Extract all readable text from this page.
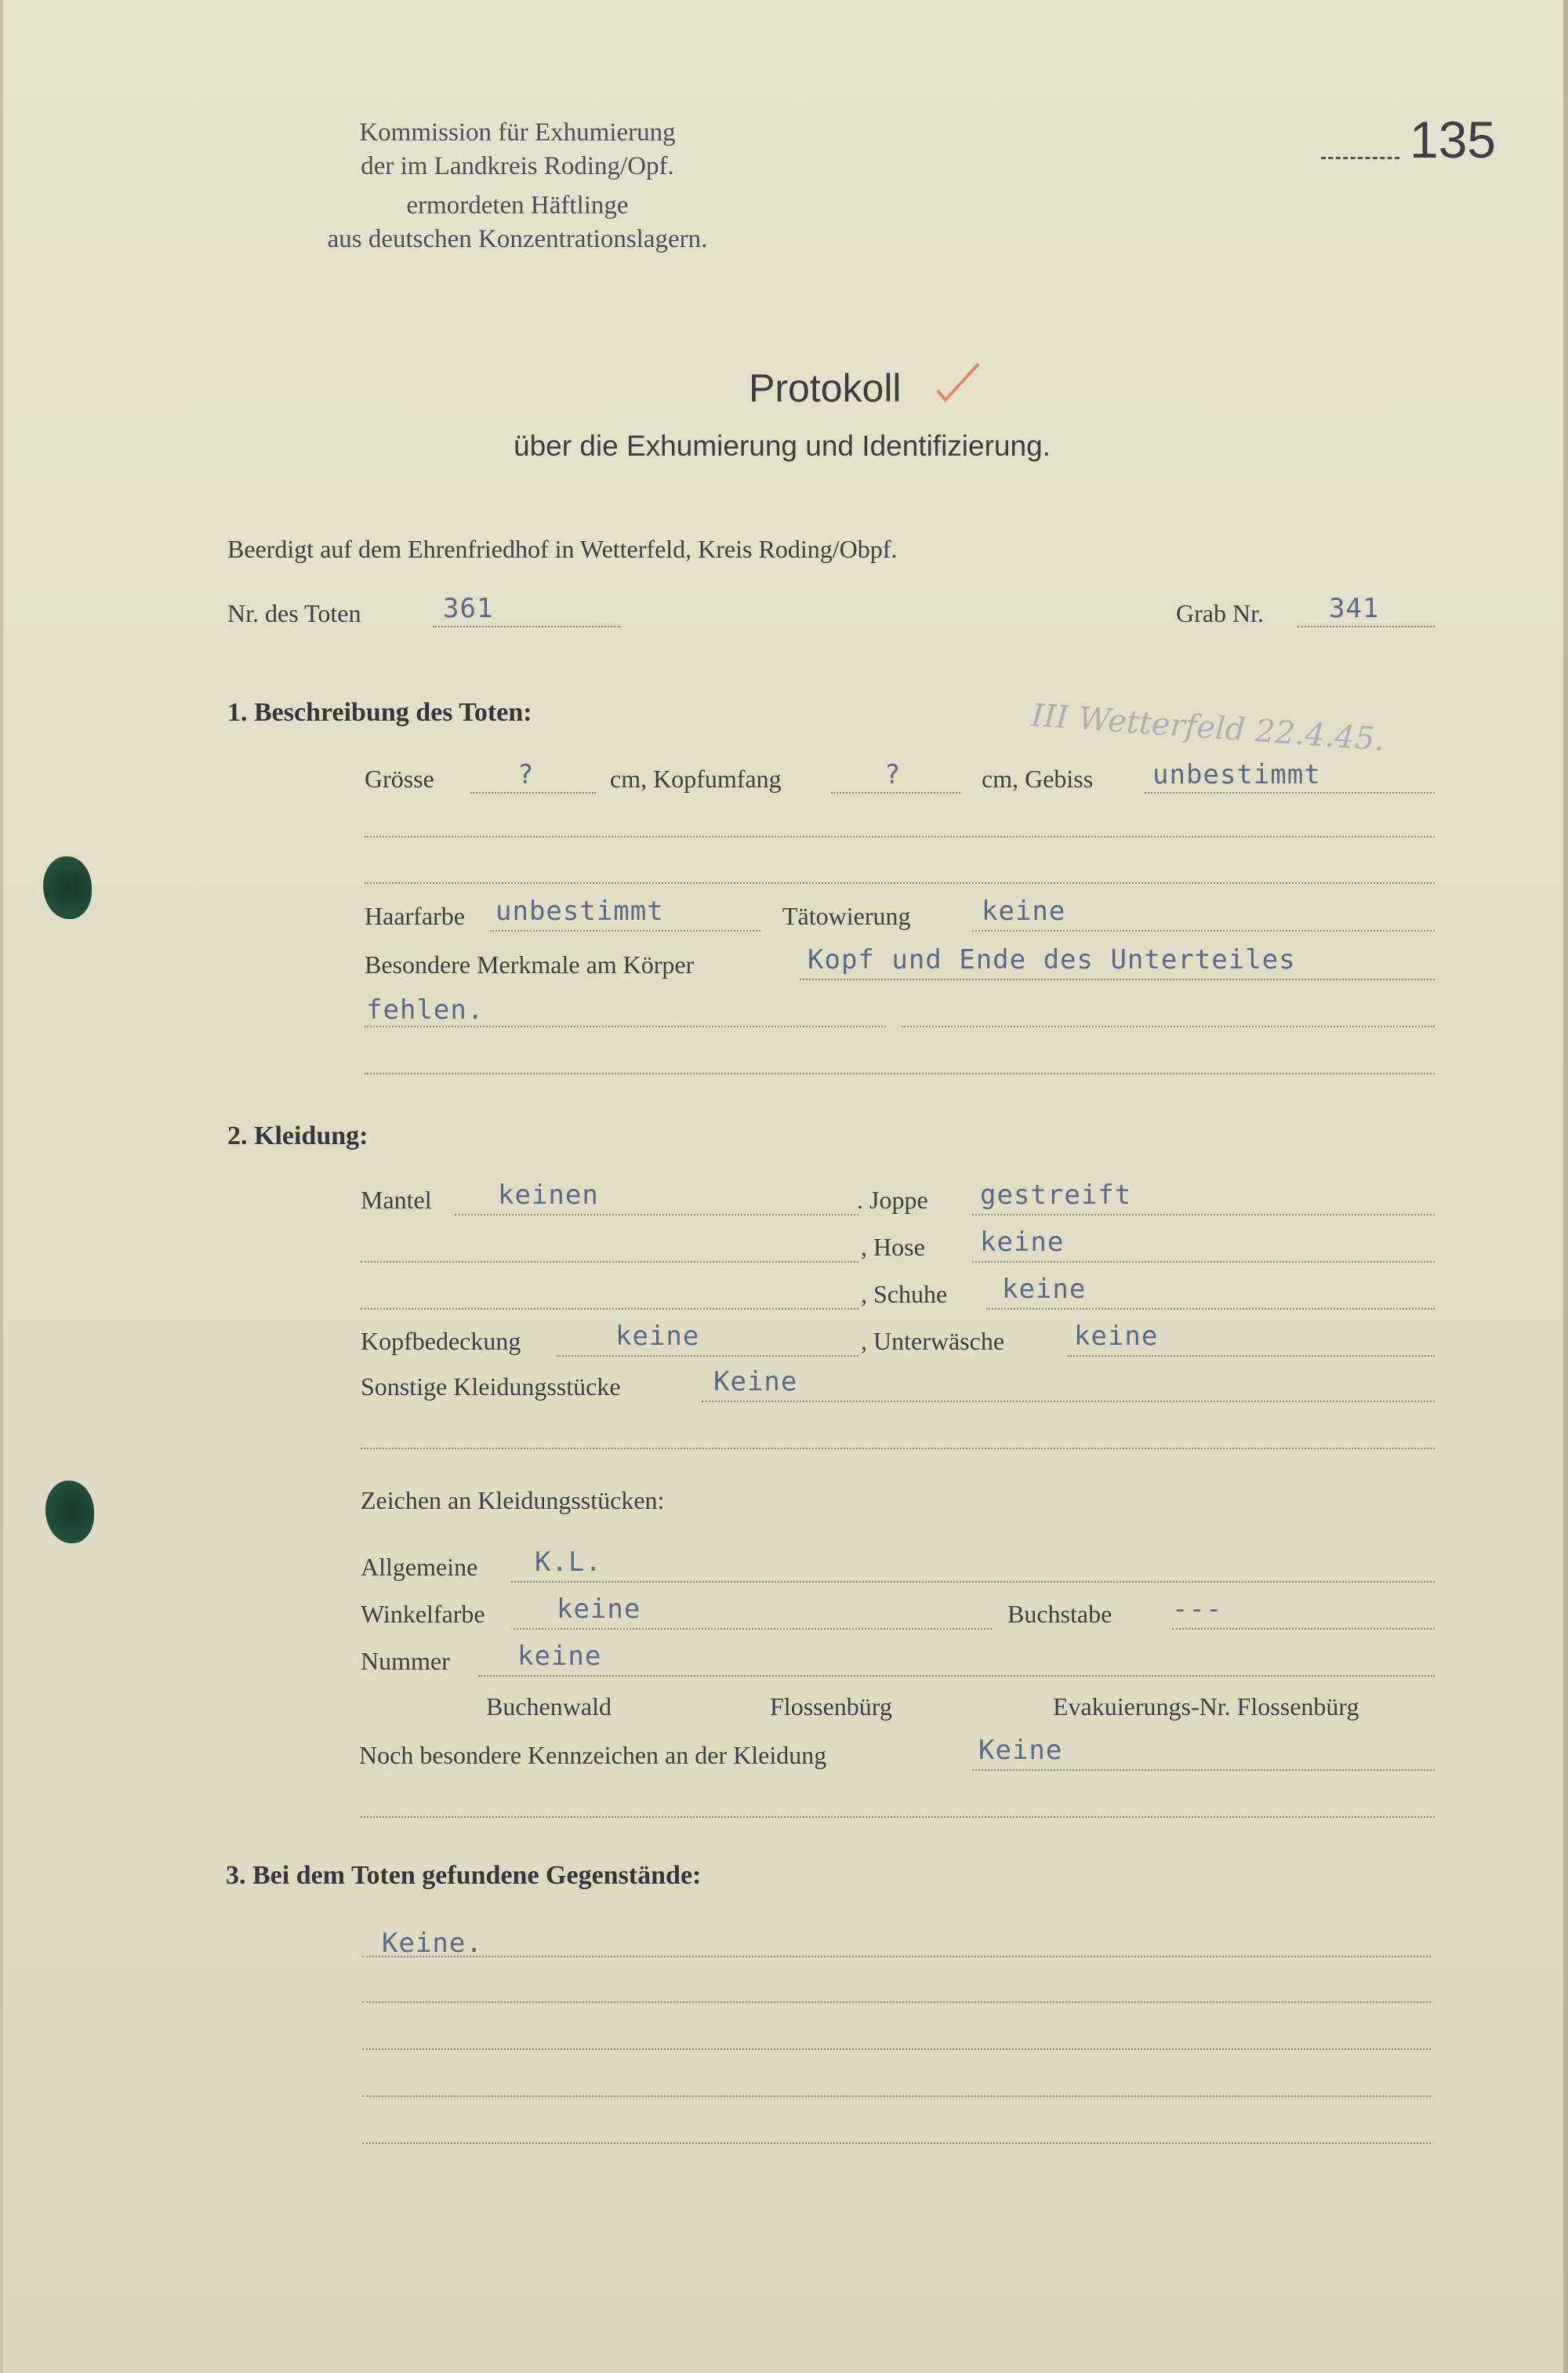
Kommission für Exhumierung
der im Landkreis Roding/Opf.
ermordeten Häftlinge
aus deutschen Konzentrationslagern.
135
Protokoll
über die Exhumierung und Identifizierung.
Beerdigt auf dem Ehrenfriedhof in Wetterfeld, Kreis Roding/Obpf.
Nr. des Toten	361	Grab Nr. 341
1. Beschreibung des Toten:	III Wetterfeld 22.4.45.
Grösse	?	cm, Kopfumfang	?	cm, Gebiss unbestimmt
Haarfarbe unbestimmt	Tätowierung	keine
Besondere Merkmale am Körper	Kopf und Ende des Unterteiles
fehlen.
2. Kleidung:
Mantel keinen	. Joppe gestreift
, Hose keine
, Schuhe keine
Kopfbedeckung	keine	, Unterwäsche	keine
Sonstige Kleidungsstücke	Keine
Zeichen an Kleidungsstücken:
Allgemeine K.L.
Winkelfarbe	keine	Buchstabe ---
Nummer	keine
Buchenwald	Flossenbürg	Evakuierungs-Nr. Flossenbürg
Noch besondere Kennzeichen an der Kleidung	Keine
3. Bei dem Toten gefundene Gegenstände:
Keine.
